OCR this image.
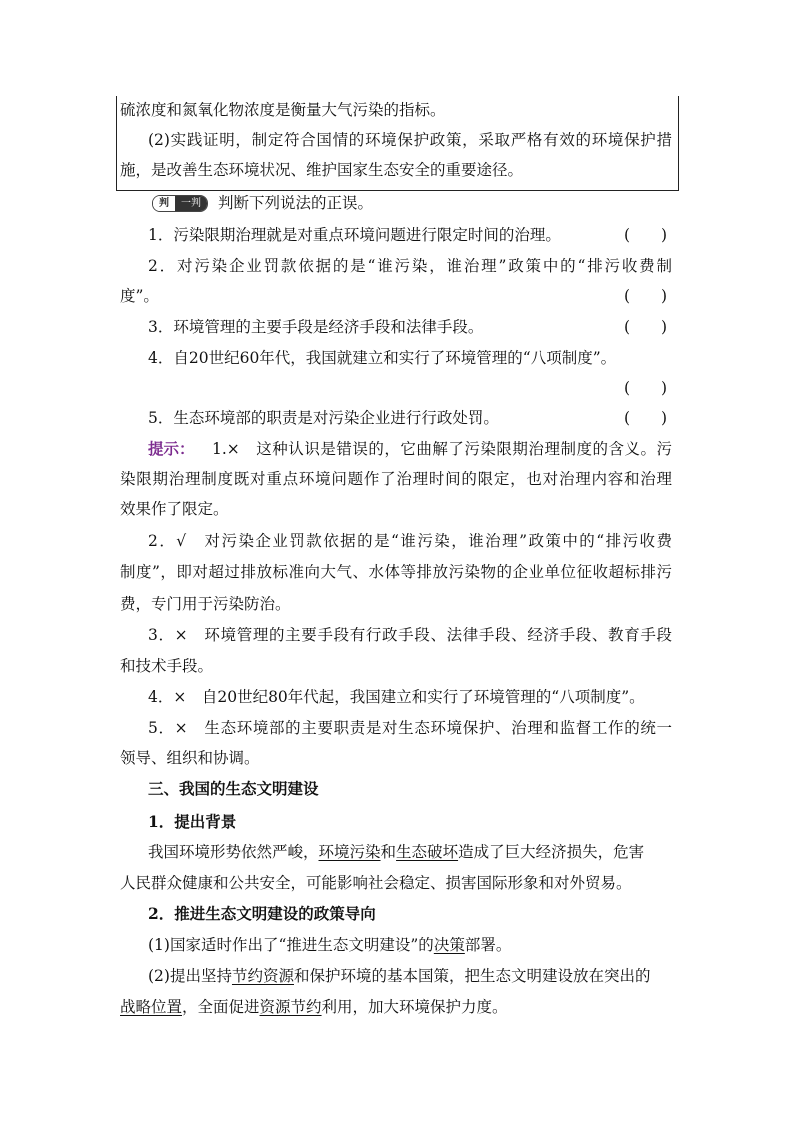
硫浓度和氮氧化物浓度是衡量大气污染的指标。
(2)实践证明，制定符合国情的环境保护政策，采取严格有效的环境保护措
施，是改善生态环境状况、维护国家生态安全的重要途径。
判	一判	判断下列说法的正误。
1．污染限期治理就是对重点环境问题进行限定时间的治理。	(　　)
2．对污染企业罚款依据的是“谁污染，谁治理”政策中的“排污收费制
度”。	(　　)
3．环境管理的主要手段是经济手段和法律手段。	(　　)
4．自20世纪60年代，我国就建立和实行了环境管理的“八项制度”。
(　　)
5．生态环境部的职责是对污染企业进行行政处罚。	(　　)
提示： 1.×　这种认识是错误的，它曲解了污染限期治理制度的含义。污
染限期治理制度既对重点环境问题作了治理时间的限定，也对治理内容和治理
效果作了限定。
2．√　对污染企业罚款依据的是“谁污染，谁治理”政策中的“排污收费
制度”，即对超过排放标准向大气、水体等排放污染物的企业单位征收超标排污
费，专门用于污染防治。
3．×　环境管理的主要手段有行政手段、法律手段、经济手段、教育手段
和技术手段。
4．×　自20世纪80年代起，我国建立和实行了环境管理的“八项制度”。
5．×　生态环境部的主要职责是对生态环境保护、治理和监督工作的统一
领导、组织和协调。
三、我国的生态文明建设
1．提出背景
我国环境形势依然严峻，环境污染和生态破坏造成了巨大经济损失，危害
人民群众健康和公共安全，可能影响社会稳定、损害国际形象和对外贸易。
2．推进生态文明建设的政策导向
(1)国家适时作出了“推进生态文明建设”的决策部署。
(2)提出坚持节约资源和保护环境的基本国策，把生态文明建设放在突出的
战略位置，全面促进资源节约利用，加大环境保护力度。
